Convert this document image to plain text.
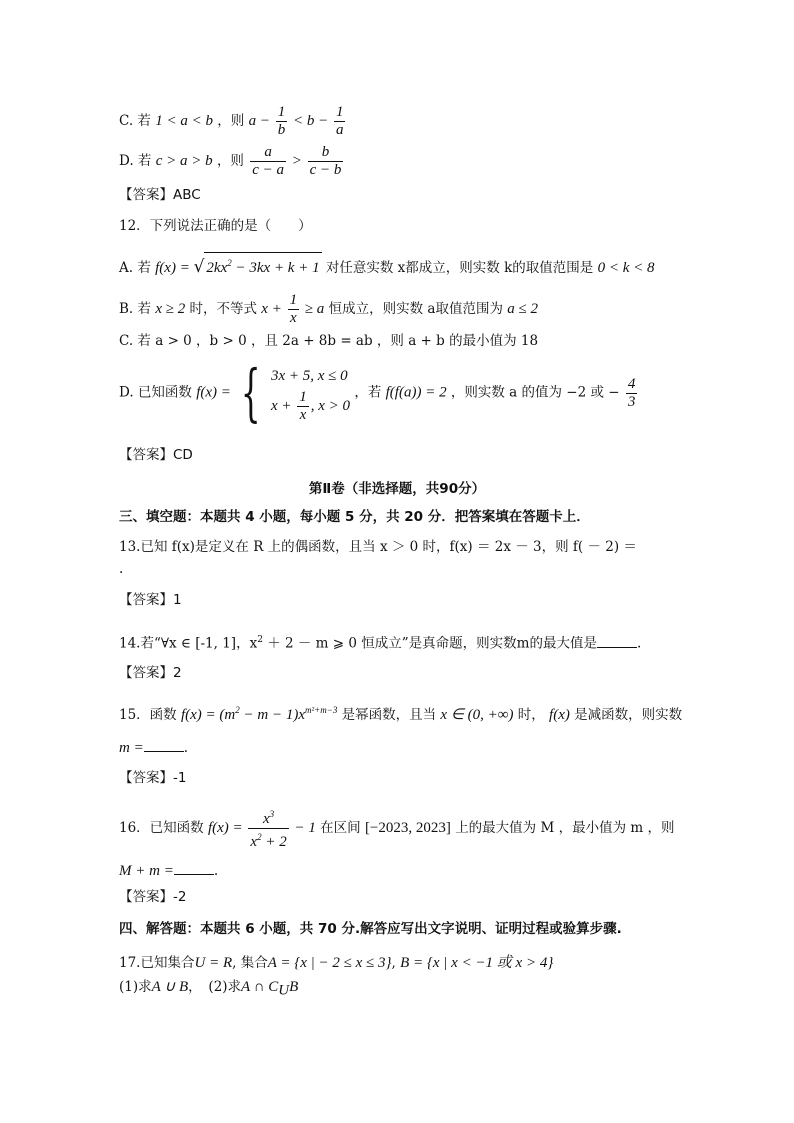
C. 若 1 < a < b ，则 $a - \frac{1}{b} < b - \frac{1}{a}$
D. 若 c > a > b ，则 $\frac{a}{c - a} > \frac{b}{c - b}$
【答案】ABC
12．下列说法正确的是（　　）
A. 若 f(x) = √ $2kx^2 - 3kx + k + 1$ 对任意实数 x都成立，则实数 k的取值范围是 0 < k < 8
B. 若 x ≥ 2 时，不等式 $x + \frac{1}{x} \ge a$ 恒成立，则实数 a取值范围为 a ≤ 2
C. 若 a > 0 ，b > 0 ，且 2a + 8b = ab ，则 a + b 的最小值为 18
D. 已知函数 f(x) = { 3x + 5, x ≤ 0
$x + \frac{1}{x}$ , x > 0
，若 f(f(a)) = 2 ，则实数 a 的值为 −2 或 − $\frac{4}{3}$
【答案】CD
第Ⅱ卷（非选择题，共90分）
三、填空题：本题共 4 小题，每小题 5 分，共 20 分．把答案填在答题卡上．
13.已知 f(x)是定义在 R 上的偶函数，且当 x ＞ 0 时，f(x) ＝ 2x － 3，则 f( － 2) ＝
.
【答案】1
14.若“∀x ∈ [-1, 1]，$x^2 + 2 - m$ ⩾ 0 恒成立”是真命题，则实数m的最大值是	.
【答案】2
15．函数 $f(x) = (m^2 - m - 1)x^{m^2+m-3}$ 是幂函数，且当 x ∈ (0, +∞) 时， f(x) 是减函数，则实数
m =	.
【答案】-1
16．已知函数 $f(x) = \frac{x^3}{x^2 + 2} - 1$ 在区间 [−2023, 2023] 上的最大值为 M ，最小值为 m ，则
M + m =	.
【答案】-2
四、解答题：本题共 6 小题，共 70 分.解答应写出文字说明、证明过程或验算步骤.
17.已知集合U = R, 集合A = {x | − 2 ≤ x ≤ 3}, B = {x | x < −1 或 x > 4}
(1)求A ∪ B，　(2)求A ∩ $C_UB$
